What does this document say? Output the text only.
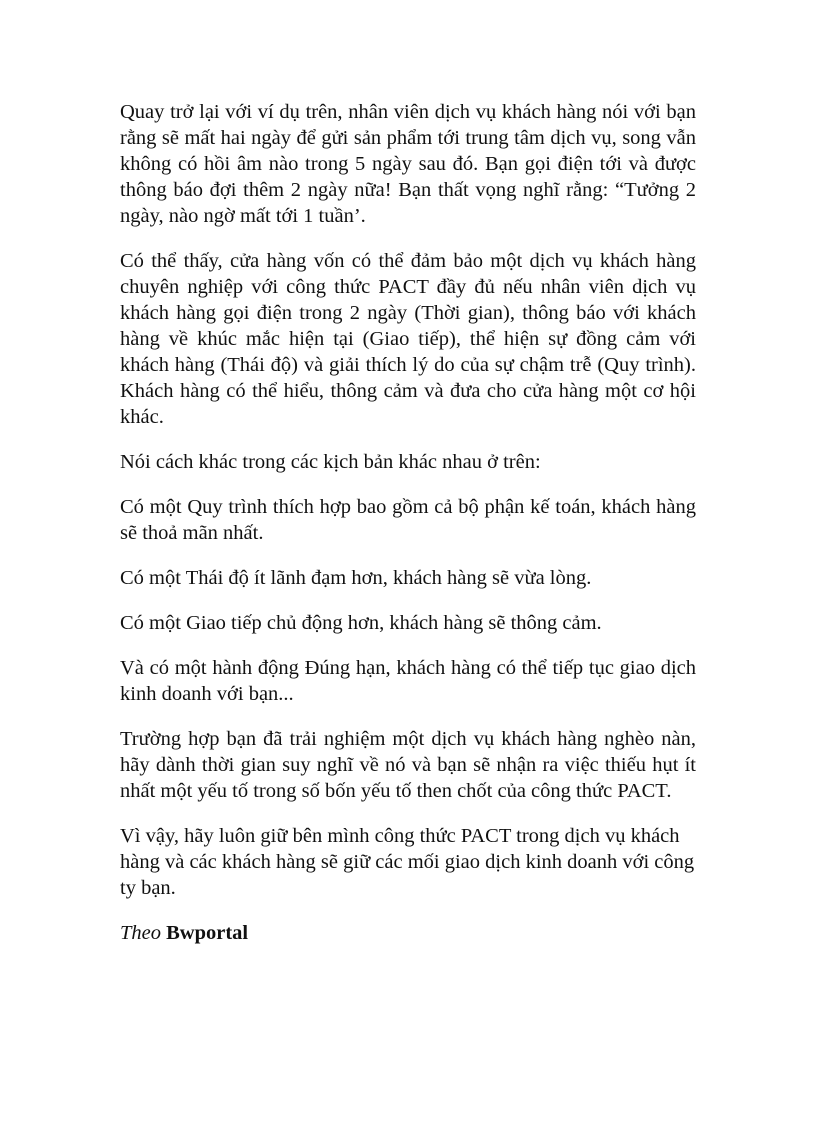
Quay trở lại với ví dụ trên, nhân viên dịch vụ khách hàng nói với bạn rằng sẽ mất hai ngày để gửi sản phẩm tới trung tâm dịch vụ, song vẫn không có hồi âm nào trong 5 ngày sau đó. Bạn gọi điện tới và được thông báo đợi thêm 2 ngày nữa! Bạn thất vọng nghĩ rằng: “Tưởng 2 ngày, nào ngờ mất tới 1 tuần’.

Có thể thấy, cửa hàng vốn có thể đảm bảo một dịch vụ khách hàng chuyên nghiệp với công thức PACT đầy đủ nếu nhân viên dịch vụ khách hàng gọi điện trong 2 ngày (Thời gian), thông báo với khách hàng về khúc mắc hiện tại (Giao tiếp), thể hiện sự đồng cảm với khách hàng (Thái độ) và giải thích lý do của sự chậm trễ (Quy trình). Khách hàng có thể hiểu, thông cảm và đưa cho cửa hàng một cơ hội khác.

Nói cách khác trong các kịch bản khác nhau ở trên:

Có một Quy trình thích hợp bao gồm cả bộ phận kế toán, khách hàng sẽ thoả mãn nhất.

Có một Thái độ ít lãnh đạm hơn, khách hàng sẽ vừa lòng.

Có một Giao tiếp chủ động hơn, khách hàng sẽ thông cảm.

Và có một hành động Đúng hạn, khách hàng có thể tiếp tục giao dịch kinh doanh với bạn...

Trường hợp bạn đã trải nghiệm một dịch vụ khách hàng nghèo nàn, hãy dành thời gian suy nghĩ về nó và bạn sẽ nhận ra việc thiếu hụt ít nhất một yếu tố trong số bốn yếu tố then chốt của công thức PACT.

Vì vậy, hãy luôn giữ bên mình công thức PACT trong dịch vụ khách hàng và các khách hàng sẽ giữ các mối giao dịch kinh doanh với công ty bạn.

Theo Bwportal
